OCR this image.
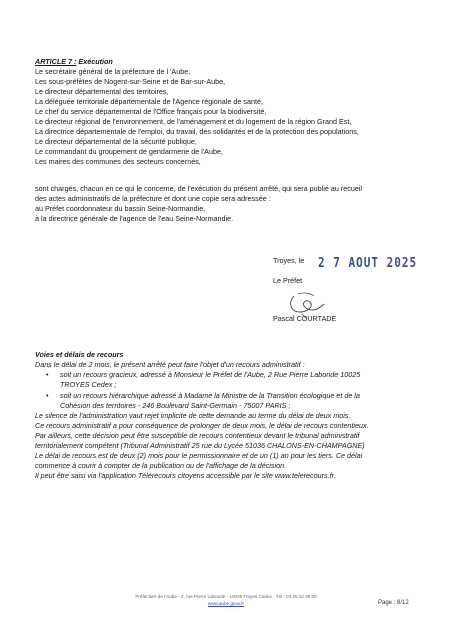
ARTICLE 7 : Exécution
Le secrétaire général de la préfecture de l 'Aube,
Les sous-préfètes de Nogent-sur-Seine et de Bar-sur-Aube,
Le directeur départemental des territoires,
La déléguée territoriale départementale de l'Agence régionale de santé,
Le chef du service départemental de l'Office français pour la biodiversité,
Le directeur régional de l'environnement, de l'aménagement et du logement de la région Grand Est,
La directrice départementale de l'emploi, du travail, des solidarités et de la protection des populations,
Le directeur départemental de la sécurité publique,
Le commandant du groupement de gendarmerie de l'Aube,
Les maires des communes des secteurs concernés,
sont chargés, chacun en ce qui le concerne, de l'exécution du présent arrêté, qui sera publié au recueil
des actes administratifs de la préfecture et dont une copie sera adressée :
au Préfet coordonnateur du bassin Seine-Normandie,
à la directrice générale de l'agence de l'eau Seine-Normandie.
Troyes, le 2 7 AOUT 2025
Le Préfet
Pascal COURTADE
Voies et délais de recours
Dans le délai de 2 mois, le présent arrêté peut faire l'objet d'un recours administratif :
• soit un recours gracieux, adressé à Monsieur le Préfet de l'Aube, 2 Rue Pierre Labonde 10025
TROYES Cedex ;
• soit un recours hiérarchique adressé à Madame la Ministre de la Transition écologique et de la
Cohésion des territoires - 246 Boulevard Saint-Germain - 75007 PARIS ;
Le silence de l'administration vaut rejet implicite de cette demande au terme du délai de deux mois.
Ce recours administratif a pour conséquence de prolonger de deux mois, le délai de recours contentieux.
Par ailleurs, cette décision peut être susceptible de recours contentieux devant le tribunal administratif
territorialement compétent (Tribunal Administratif 25 rue du Lycée 51036 CHALONS-EN-CHAMPAGNE)
Le délai de recours est de deux (2) mois pour le permissionnaire et de un (1) an pour les tiers. Ce délai
commence à courir à compter de la publication ou de l'affichage de la décision.
Il peut être saisi via l'application Télérecours citoyens accessible par le site www.telerecours.fr.
Préfecture de l'Aube - 2, rue Pierre Labonde - 10025 Troyes Cedex - Tél : 03 25 42 35 00
www.aube.gouv.fr	Page : 8/12
